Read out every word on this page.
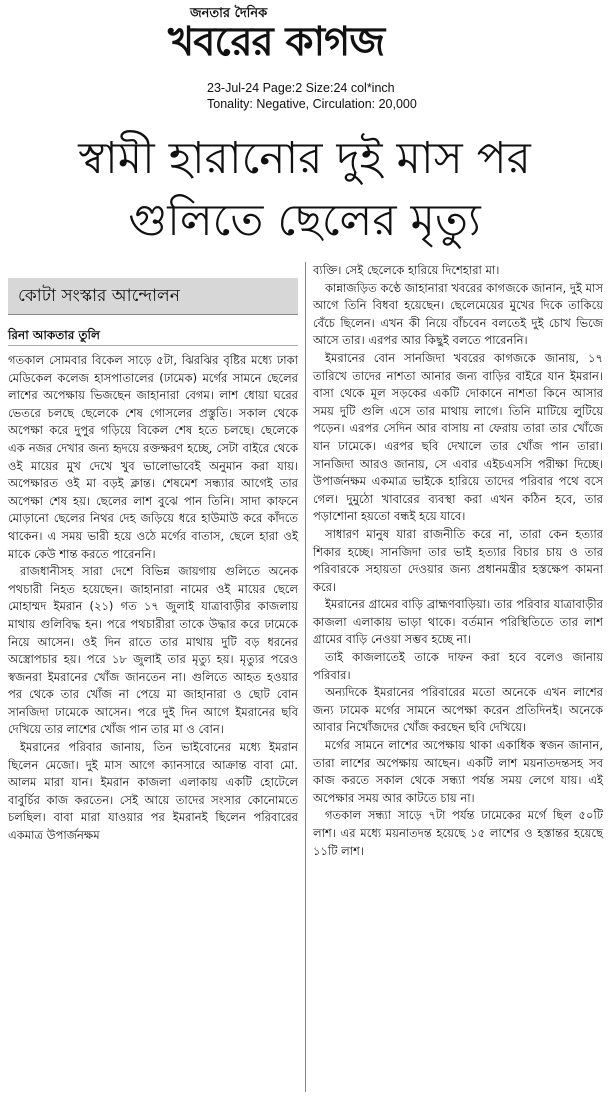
জনতার দৈনিক
খবরের কাগজ
23-Jul-24 Page:2 Size:24 col*inch
Tonality: Negative, Circulation: 20,000
স্বামী হারানোর দুই মাস পর
গুলিতে ছেলের মৃত্যু
কোটা সংস্কার আন্দোলন
রিনা আকতার তুলি

গতকাল সোমবার বিকেল সাড়ে ৫টা, ঝিরঝির বৃষ্টির মধ্যে ঢাকা মেডিকেল কলেজ হাসপাতালের (ঢামেক) মর্গের সামনে ছেলের লাশের অপেক্ষায় ভিজছেন জাহানারা বেগম। লাশ ধোয়া ঘরের ভেতরে চলছে ছেলেকে শেষ গোসলের প্রস্তুতি। সকাল থেকে অপেক্ষা করে দুপুর গড়িয়ে বিকেল শেষ হতে চলছে। ছেলেকে এক নজর দেখার জন্য হৃদয়ে রক্তক্ষরণ হচ্ছে, সেটা বাইরে থেকে ওই মায়ের মুখ দেখে খুব ভালোভাবেই অনুমান করা যায়। অপেক্ষারত ওই মা বড়ই ক্লান্ত। শেষমেশ সন্ধ্যার আগেই তার অপেক্ষা শেষ হয়। ছেলের লাশ বুঝে পান তিনি। সাদা কাফনে মোড়ানো ছেলের নিথর দেহ জড়িয়ে ধরে হাউমাউ করে কাঁদতে থাকেন। এ সময় ভারী হয়ে ওঠে মর্গের বাতাস, ছেলে হারা ওই মাকে কেউ শান্ত করতে পারেননি।

রাজধানীসহ সারা দেশে বিভিন্ন জায়গায় গুলিতে অনেক পথচারী নিহত হয়েছেন। জাহানারা নামের ওই মায়ের ছেলে মোহাম্মদ ইমরান (২১) গত ১৭ জুলাই যাত্রাবাড়ীর কাজলায় মাথায় গুলিবিদ্ধ হন। পরে পথচারীরা তাকে উদ্ধার করে ঢামেকে নিয়ে আসেন। ওই দিন রাতে তার মাথায় দুটি বড় ধরনের অস্ত্রোপচার হয়। পরে ১৮ জুলাই তার মৃত্যু হয়। মৃত্যুর পরেও স্বজনরা ইমরানের খোঁজ জানতেন না। গুলিতে আহত হওয়ার পর থেকে তার খোঁজ না পেয়ে মা জাহানারা ও ছোট বোন সানজিদা ঢামেকে আসেন। পরে দুই দিন আগে ইমরানের ছবি দেখিয়ে তার লাশের খোঁজ পান তার মা ও বোন।

ইমরানের পরিবার জানায়, তিন ভাইবোনের মধ্যে ইমরান ছিলেন মেজো। দুই মাস আগে ক্যানসারে আক্রান্ত বাবা মো. আলম মারা যান। ইমরান কাজলা এলাকায় একটি হোটেলে বাবুর্চির কাজ করতেন। সেই আয়ে তাদের সংসার কোনোমতে চলছিল। বাবা মারা যাওয়ার পর ইমরানই ছিলেন পরিবারের একমাত্র উপার্জনক্ষম

ব্যক্তি। সেই ছেলেকে হারিয়ে দিশেহারা মা।

কান্নাজড়িত কণ্ঠে জাহানারা খবরের কাগজকে জানান, দুই মাস আগে তিনি বিধবা হয়েছেন। ছেলেমেয়ের মুখের দিকে তাকিয়ে বেঁচে ছিলেন। এখন কী নিয়ে বাঁচবেন বলতেই দুই চোখ ভিজে আসে তার। এরপর আর কিছুই বলতে পারেননি।

ইমরানের বোন সানজিদা খবরের কাগজকে জানায়, ১৭ তারিখে তাদের নাশতা আনার জন্য বাড়ির বাইরে যান ইমরান। বাসা থেকে মূল সড়কের একটি দোকানে নাশতা কিনে আসার সময় দুটি গুলি এসে তার মাথায় লাগে। তিনি মাটিয়ে লুটিয়ে পড়েন। এরপর সেদিন আর বাসায় না ফেরায় তারা তার খোঁজে যান ঢামেকে। এরপর ছবি দেখালে তার খোঁজ পান তারা। সানজিদা আরও জানায়, সে এবার এইচএসসি পরীক্ষা দিচ্ছে। উপার্জনক্ষম একমাত্র ভাইকে হারিয়ে তাদের পরিবার পথে বসে গেল। দুমুঠো খাবারের ব্যবস্থা করা এখন কঠিন হবে, তার পড়াশোনা হয়তো বন্ধই হয়ে যাবে।

সাধারণ মানুষ যারা রাজনীতি করে না, তারা কেন হত্যার শিকার হচ্ছে। সানজিদা তার ভাই হত্যার বিচার চায় ও তার পরিবারকে সহায়তা দেওয়ার জন্য প্রধানমন্ত্রীর হস্তক্ষেপ কামনা করে।

ইমরানের গ্রামের বাড়ি ব্রাহ্মণবাড়িয়া। তার পরিবার যাত্রাবাড়ীর কাজলা এলাকায় ভাড়া থাকে। বর্তমান পরিস্থিতিতে তার লাশ গ্রামের বাড়ি নেওয়া সম্ভব হচ্ছে না।

তাই কাজলাতেই তাকে দাফন করা হবে বলেও জানায় পরিবার।

অন্যদিকে ইমরানের পরিবারের মতো অনেকে এখন লাশের জন্য ঢামেক মর্গের সামনে অপেক্ষা করেন প্রতিদিনই। অনেকে আবার নিখোঁজদের খোঁজ করছেন ছবি দেখিয়ে।

মর্গের সামনে লাশের অপেক্ষায় থাকা একাধিক স্বজন জানান, তারা লাশের অপেক্ষায় আছেন। একটি লাশ ময়নাতদন্তসহ সব কাজ করতে সকাল থেকে সন্ধ্যা পর্যন্ত সময় লেগে যায়। এই অপেক্ষার সময় আর কাটতে চায় না।

গতকাল সন্ধ্যা সাড়ে ৭টা পর্যন্ত ঢামেকের মর্গে ছিল ৫০টি লাশ। এর মধ্যে ময়নাতদন্ত হয়েছে ১৫ লাশের ও হস্তান্তর হয়েছে ১১টি লাশ।
